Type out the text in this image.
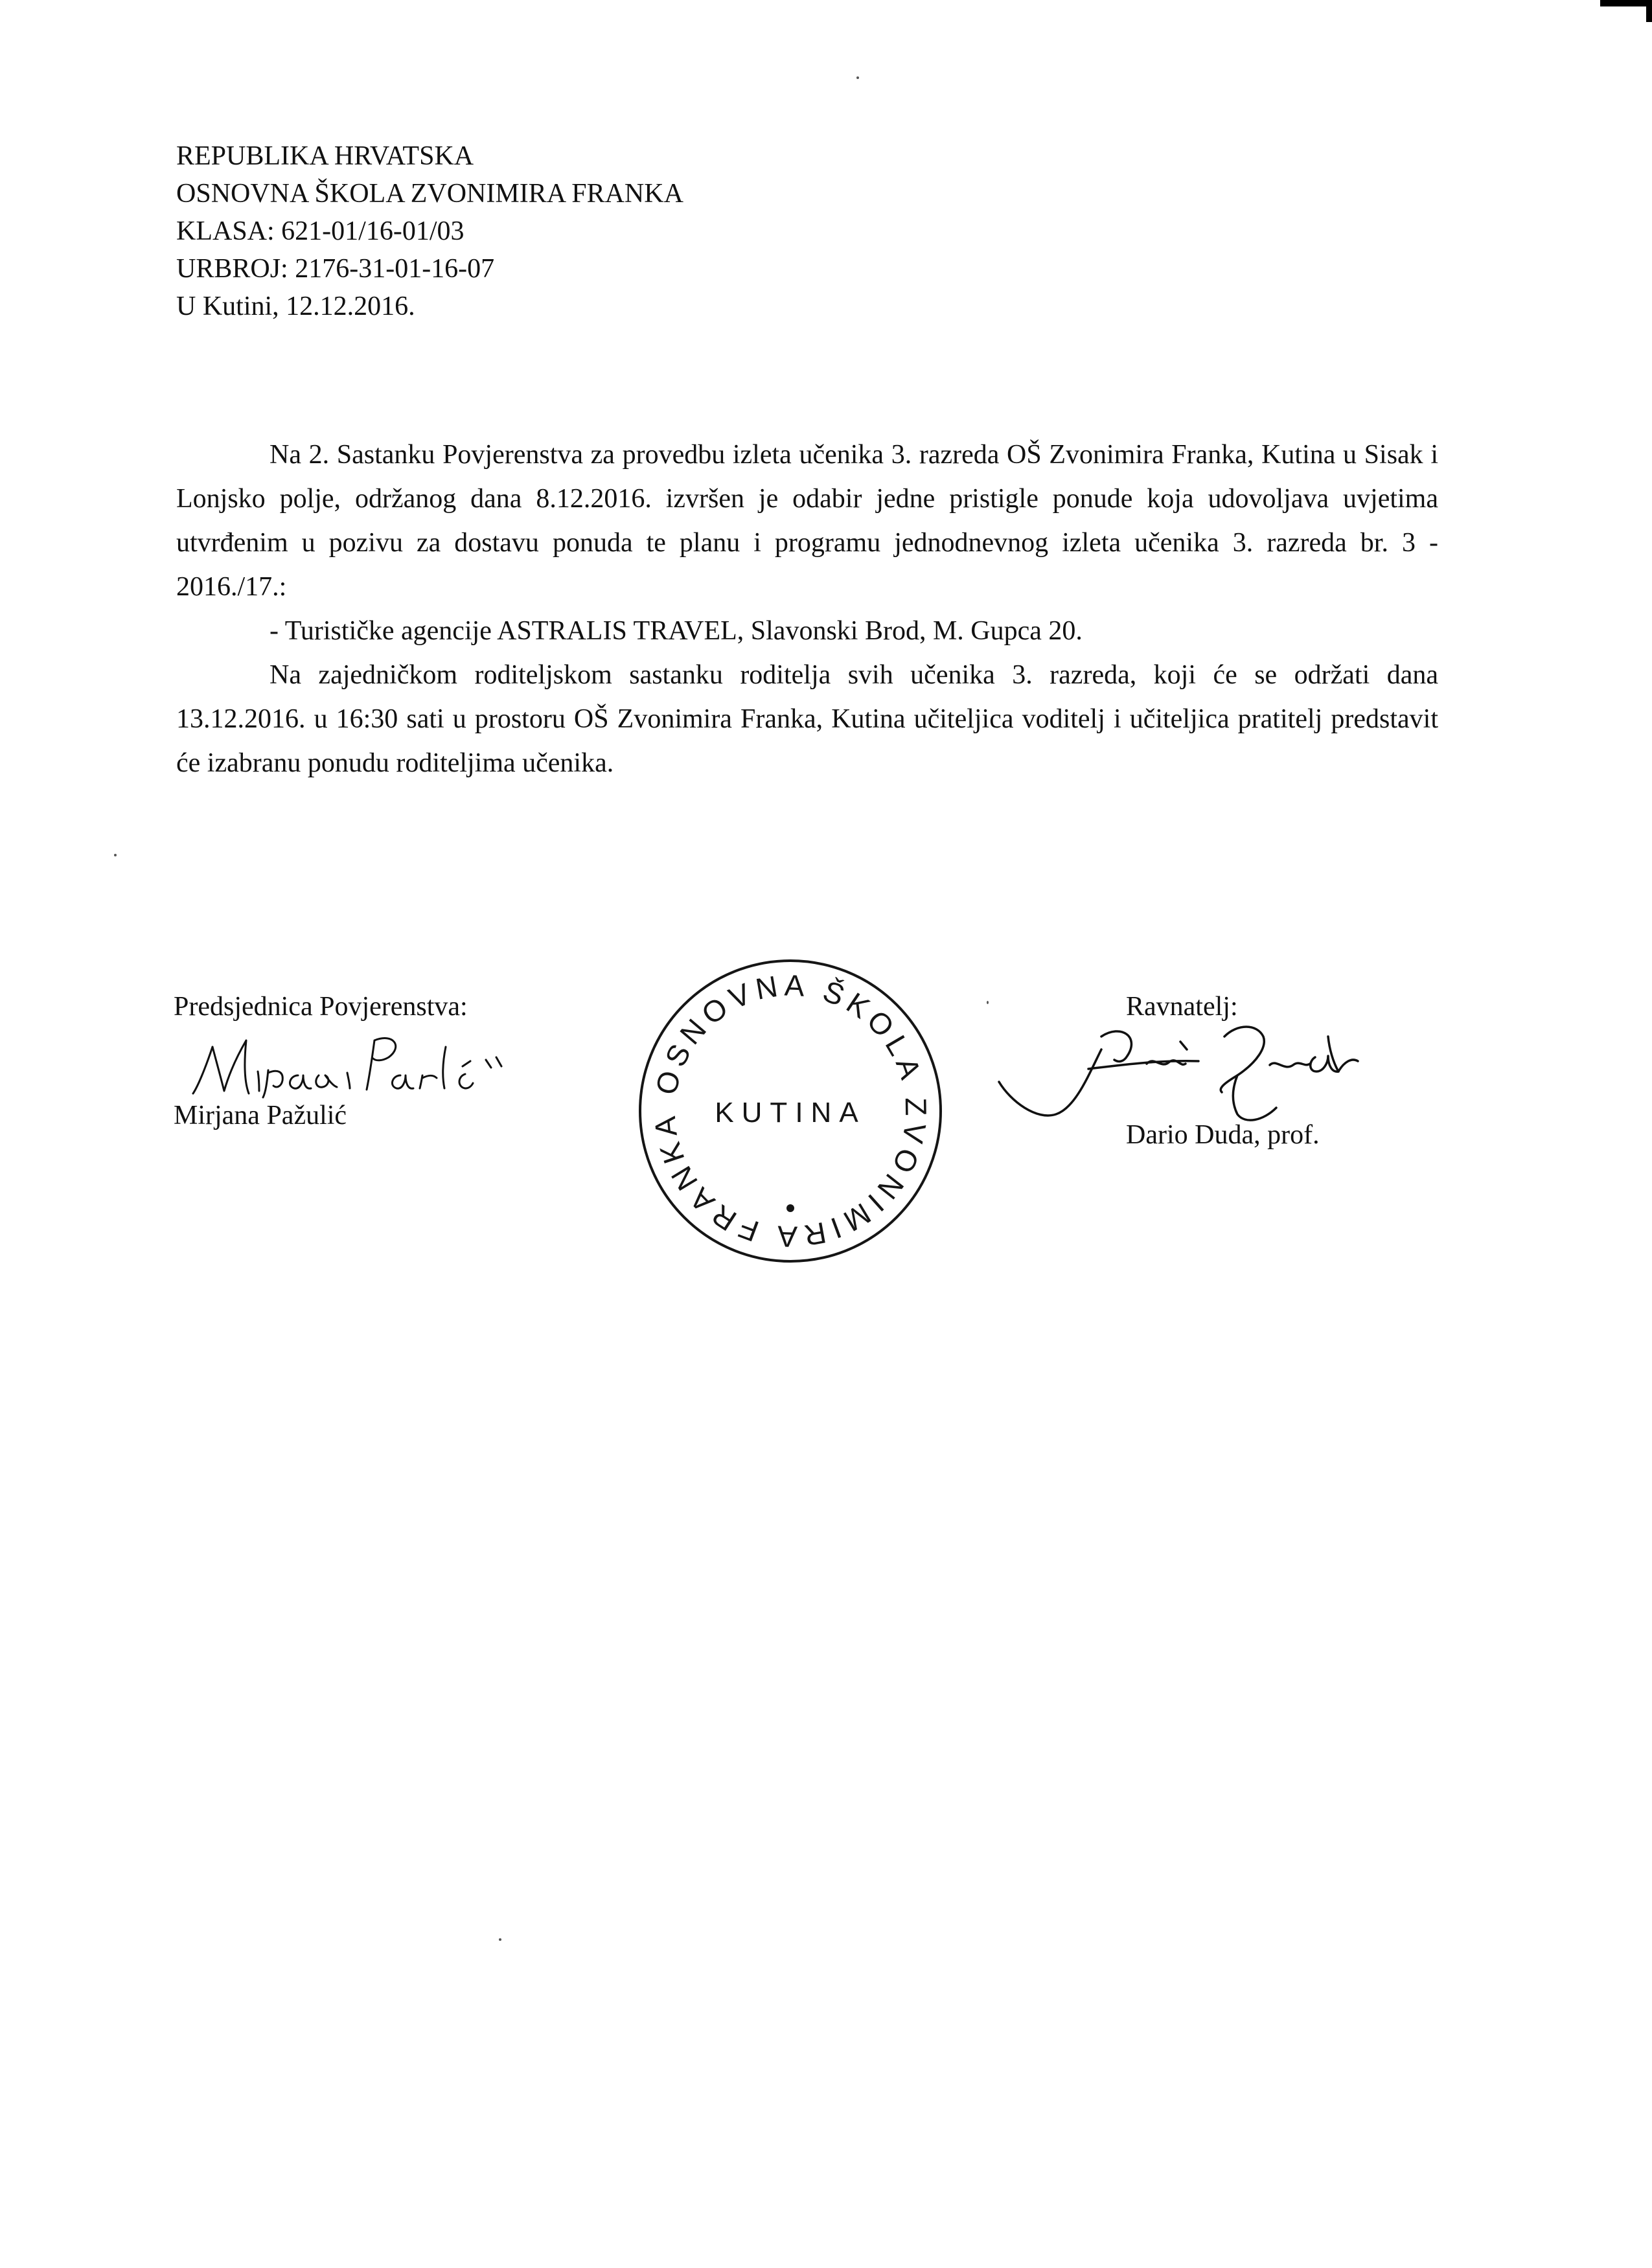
REPUBLIKA HRVATSKA
OSNOVNA ŠKOLA ZVONIMIRA FRANKA
KLASA: 621-01/16-01/03
URBROJ: 2176-31-01-16-07
U Kutini, 12.12.2016.

Na 2. Sastanku Povjerenstva za provedbu izleta učenika 3. razreda OŠ Zvonimira Franka, Kutina u Sisak i Lonjsko polje, održanog dana 8.12.2016. izvršen je odabir jedne pristigle ponude koja udovoljava uvjetima utvrđenim u pozivu za dostavu ponuda te planu i programu jednodnevnog izleta učenika 3. razreda br. 3 - 2016./17.:

- Turističke agencije ASTRALIS TRAVEL, Slavonski Brod, M. Gupca 20.

Na zajedničkom roditeljskom sastanku roditelja svih učenika 3. razreda, koji će se održati dana 13.12.2016. u 16:30 sati u prostoru OŠ Zvonimira Franka, Kutina učiteljica voditelj i učiteljica pratitelj predstavit će izabranu ponudu roditeljima učenika.

Predsjednica Povjerenstva:
Mirjana Pažulić
OSNOVNA ŠKOLA ZVONIMIRA FRANKA	KUTINA
Ravnatelj:
Dario Duda, prof.
